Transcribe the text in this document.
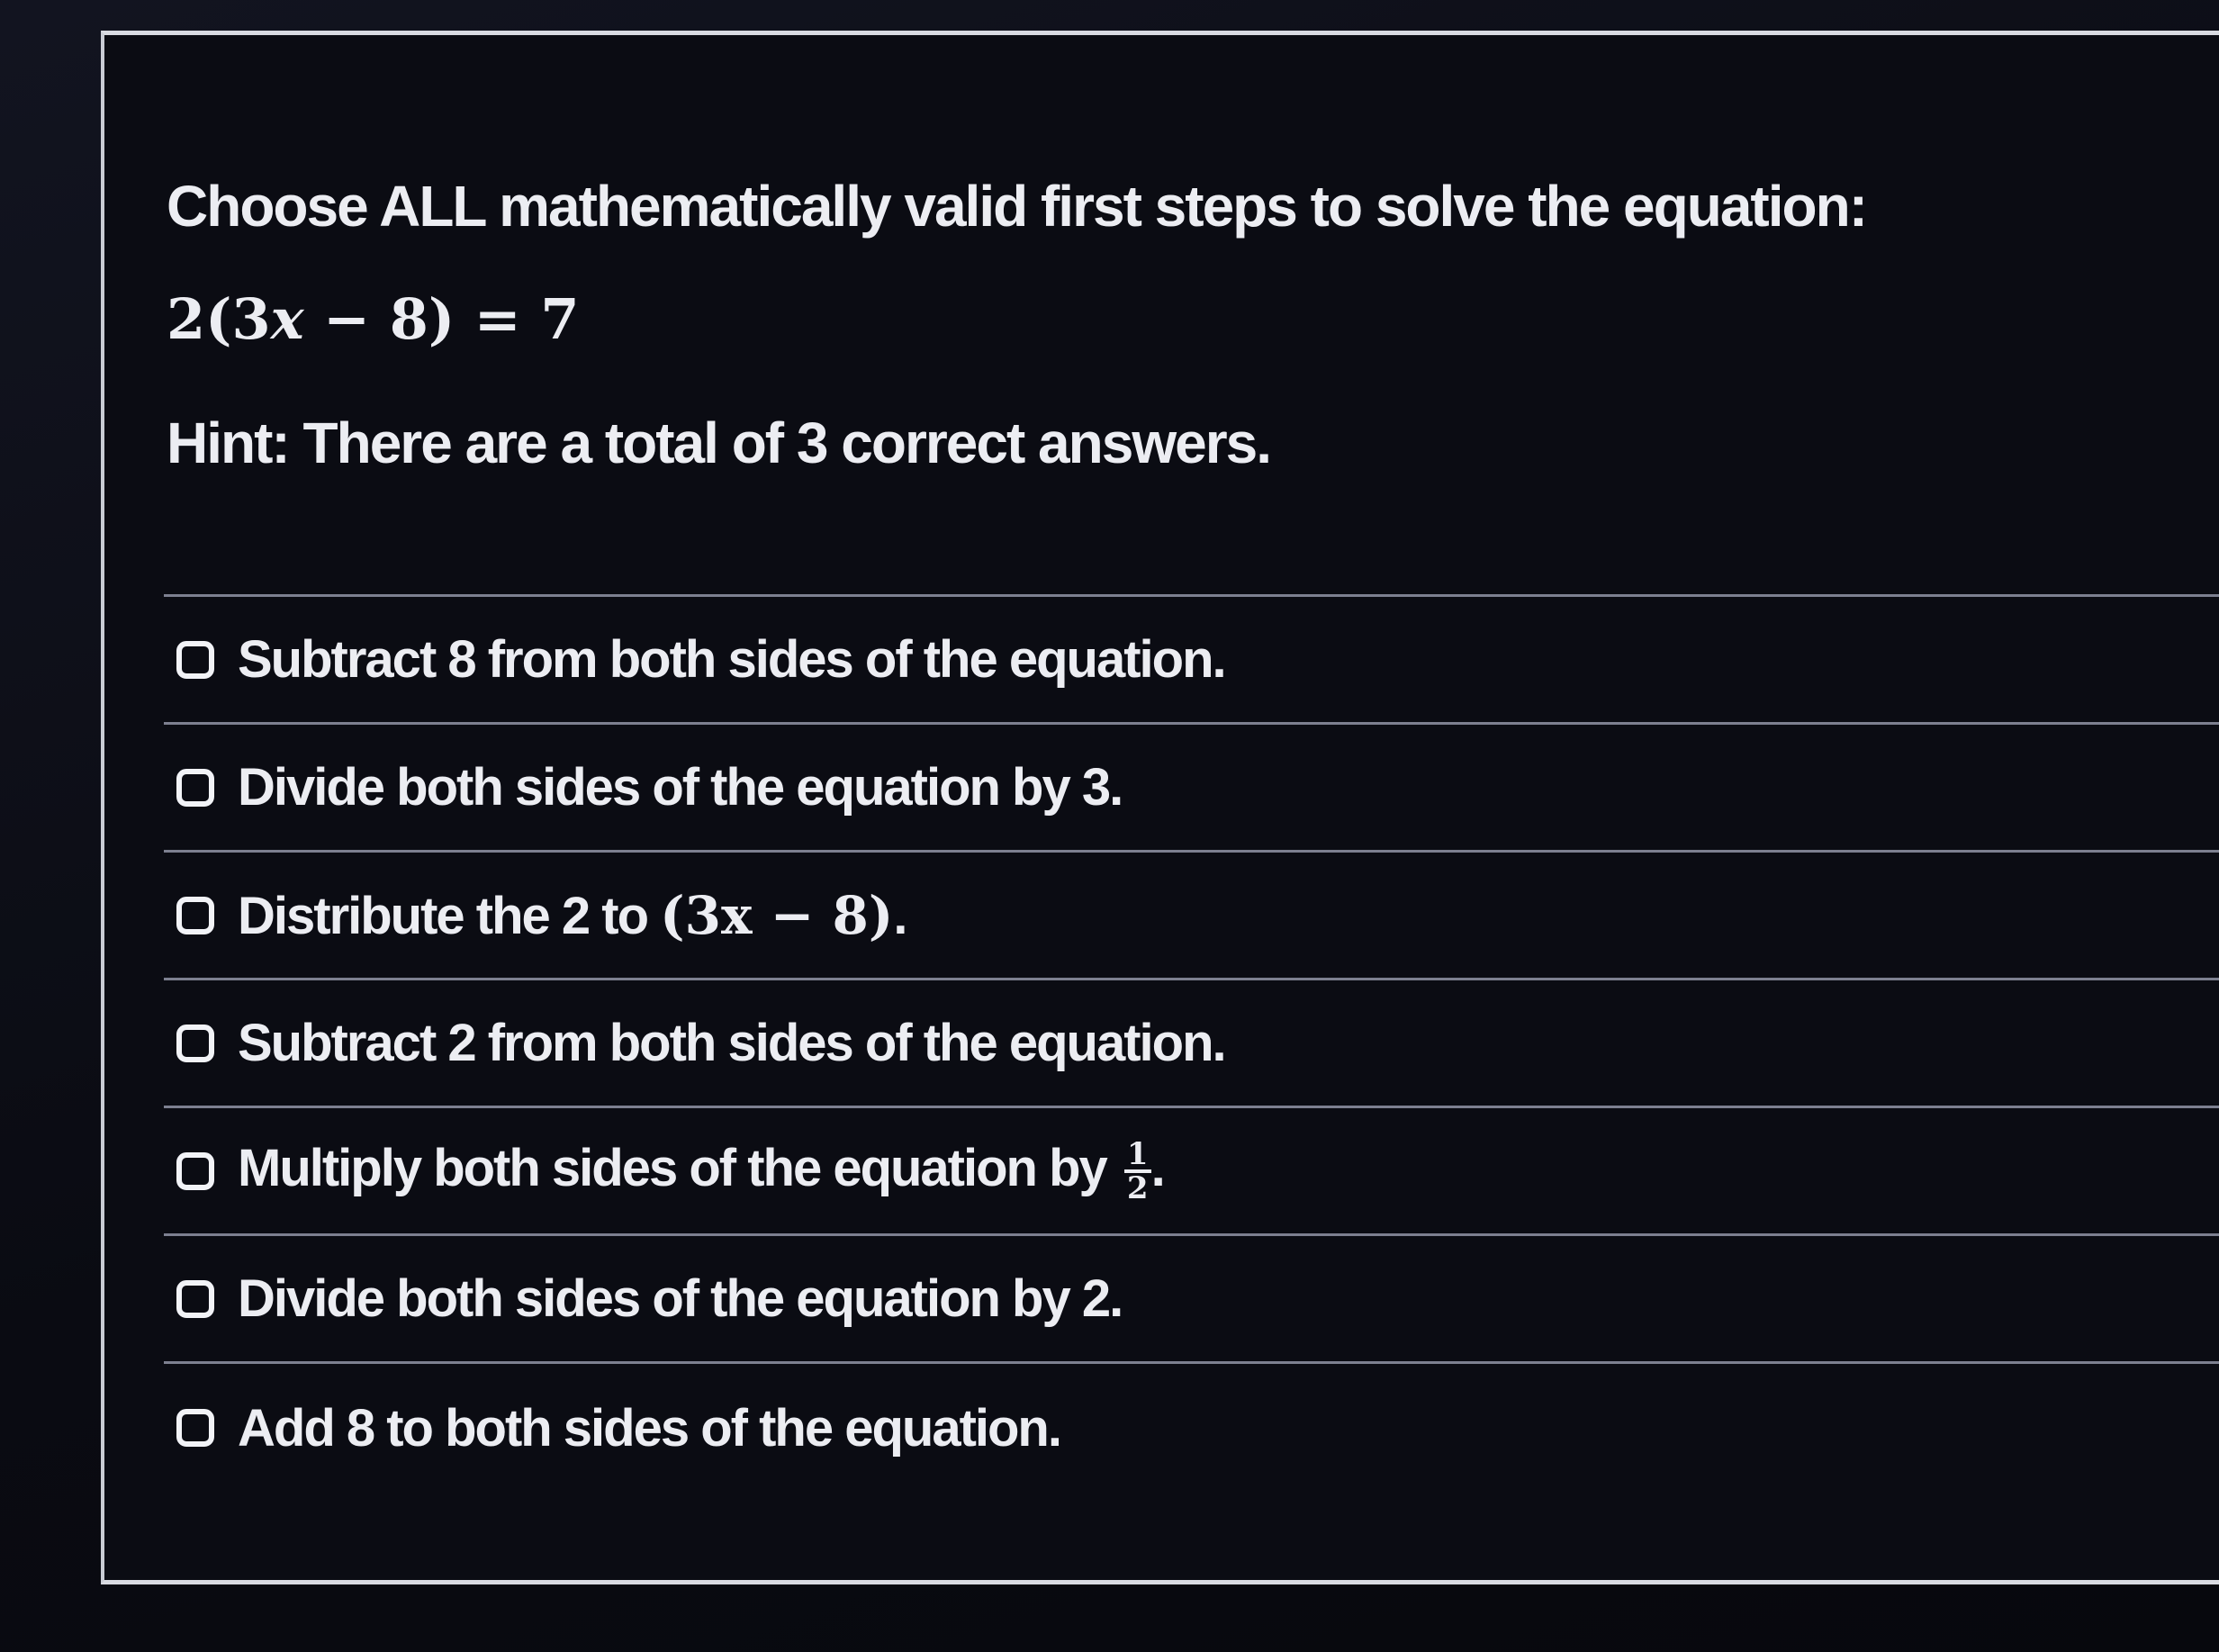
Choose ALL mathematically valid first steps to solve the equation:
2(3x − 8) = 7
Hint: There are a total of 3 correct answers.
Subtract 8 from both sides of the equation.
Divide both sides of the equation by 3.
Distribute the 2 to (3x − 8).
Subtract 2 from both sides of the equation.
Multiply both sides of the equation by $\frac{1}{2}$ .
Divide both sides of the equation by 2.
Add 8 to both sides of the equation.
